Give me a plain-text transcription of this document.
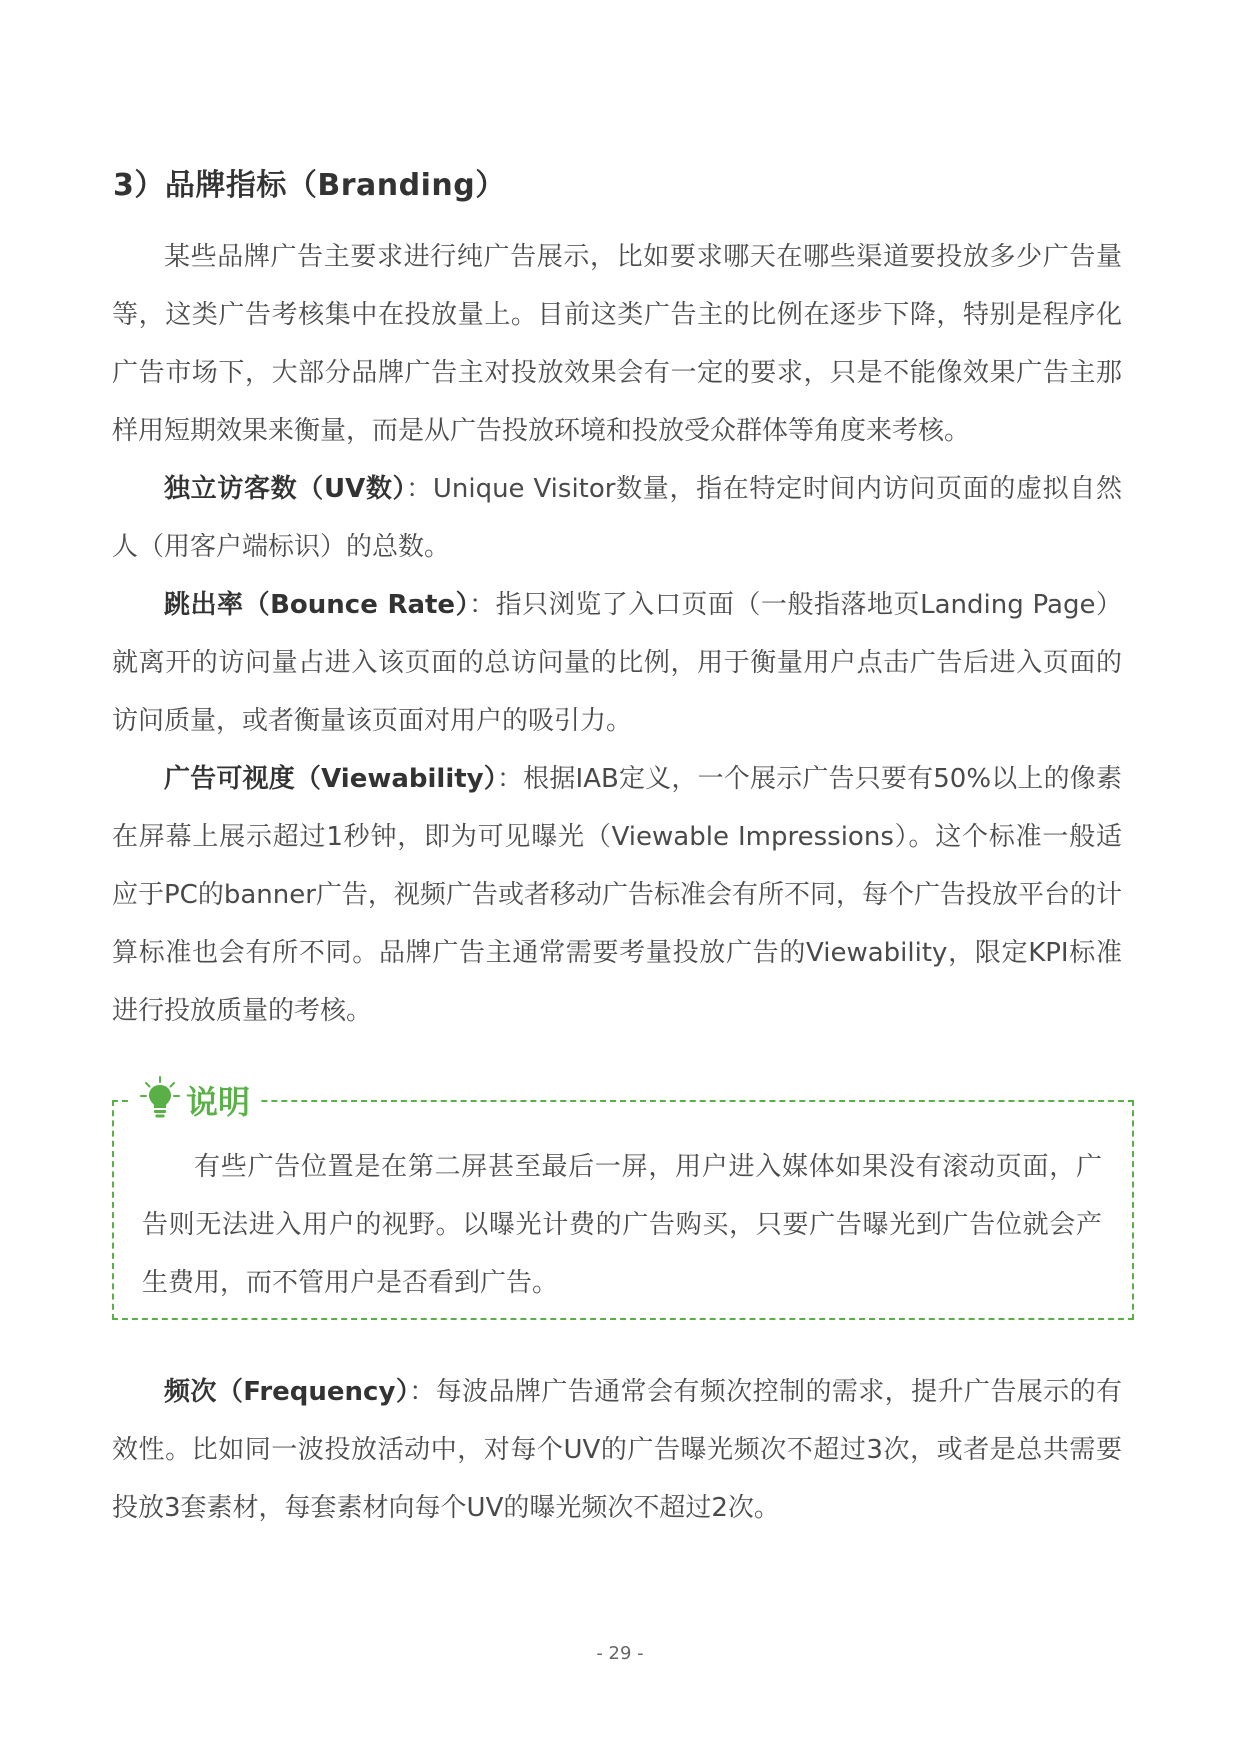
3）品牌指标（Branding）

某些品牌广告主要求进行纯广告展示，比如要求哪天在哪些渠道要投放多少广告量等，这类广告考核集中在投放量上。目前这类广告主的比例在逐步下降，特别是程序化广告市场下，大部分品牌广告主对投放效果会有一定的要求，只是不能像效果广告主那样用短期效果来衡量，而是从广告投放环境和投放受众群体等角度来考核。

独立访客数（UV数）：Unique Visitor数量，指在特定时间内访问页面的虚拟自然人（用客户端标识）的总数。

跳出率（Bounce Rate）：指只浏览了入口页面（一般指落地页Landing Page）就离开的访问量占进入该页面的总访问量的比例，用于衡量用户点击广告后进入页面的访问质量，或者衡量该页面对用户的吸引力。

广告可视度（Viewability）：根据IAB定义，一个展示广告只要有50%以上的像素在屏幕上展示超过1秒钟，即为可见曝光（Viewable Impressions）。这个标准一般适应于PC的banner广告，视频广告或者移动广告标准会有所不同，每个广告投放平台的计算标准也会有所不同。品牌广告主通常需要考量投放广告的Viewability，限定KPI标准进行投放质量的考核。

说明

有些广告位置是在第二屏甚至最后一屏，用户进入媒体如果没有滚动页面，广告则无法进入用户的视野。以曝光计费的广告购买，只要广告曝光到广告位就会产生费用，而不管用户是否看到广告。

频次（Frequency）：每波品牌广告通常会有频次控制的需求，提升广告展示的有效性。比如同一波投放活动中，对每个UV的广告曝光频次不超过3次，或者是总共需要投放3套素材，每套素材向每个UV的曝光频次不超过2次。

- 29 -
